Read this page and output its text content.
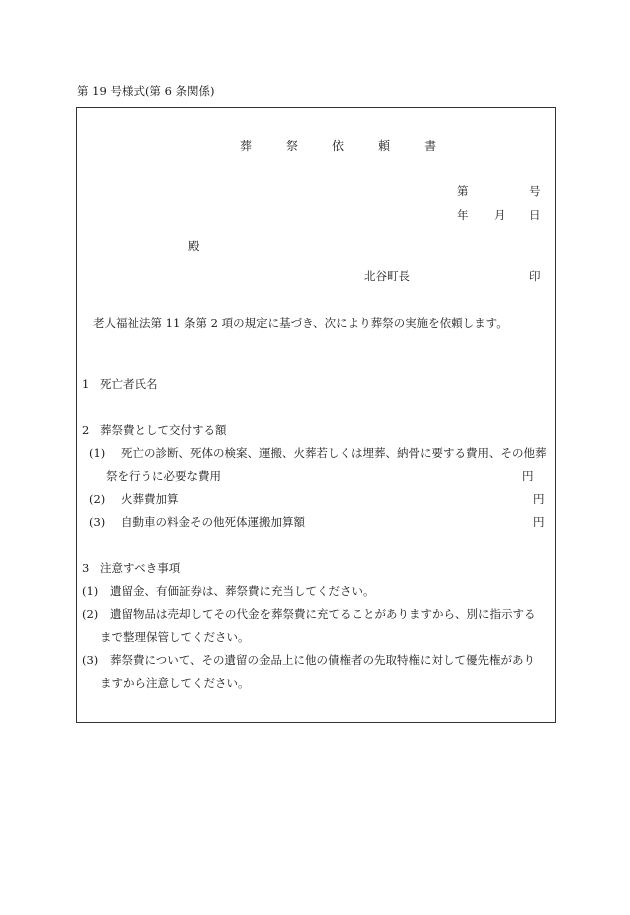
第 19 号様式(第 6 条関係)
葬	祭	依	頼	書
第	号
年 月 日
殿
北谷町長	印
老人福祉法第 11 条第 2 項の規定に基づき、次により葬祭の実施を依頼します。
1 死亡者氏名
2 葬祭費として交付する額
(1) 死亡の診断、死体の検案、運搬、火葬若しくは埋葬、納骨に要する費用、その他葬
祭を行うに必要な費用	円
(2) 火葬費加算	円
(3) 自動車の料金その他死体運搬加算額	円
3 注意すべき事項
(1) 遺留金、有価証券は、葬祭費に充当してください。
(2) 遺留物品は売却してその代金を葬祭費に充てることがありますから、別に指示する
まで整理保管してください。
(3) 葬祭費について、その遺留の金品上に他の債権者の先取特権に対して優先権があり
ますから注意してください。
